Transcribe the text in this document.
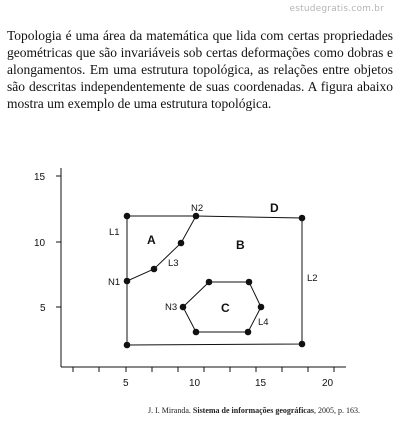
estudegratis.com.br
Topologia é uma área da matemática que lida com certas propriedades geométricas que são invariáveis sob certas deformações como dobras e alongamentos. Em uma estrutura topológica, as relações entre objetos são descritas independentemente de suas coordenadas. A figura abaixo mostra um exemplo de uma estrutura topológica.
15
10
5
5	10	15	20
N1
N2
N3
L1
L2
L3
L4
A	B
C
D
J. I. Miranda. Sistema de informações geográficas, 2005, p. 163.
